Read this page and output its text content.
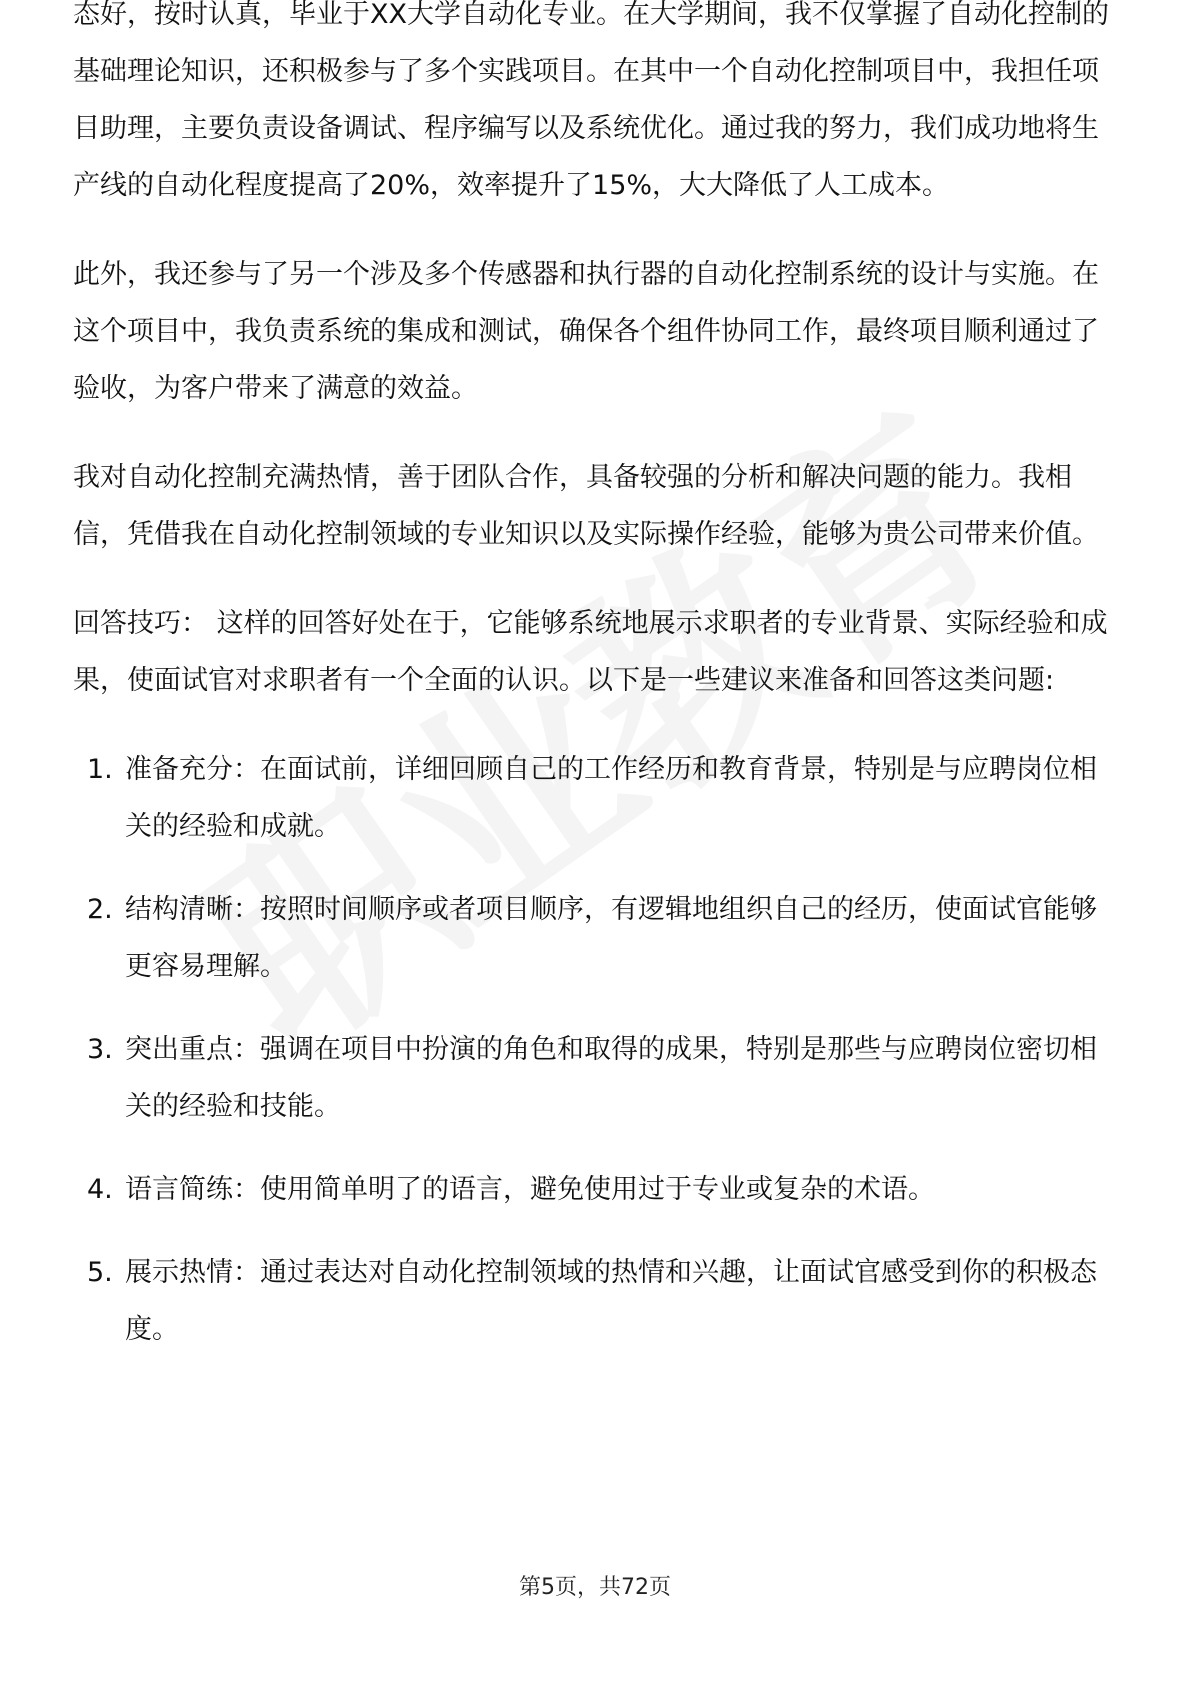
态好，按时认真，毕业于XX大学自动化专业。在大学期间，我不仅掌握了自动化控制的基础理论知识，还积极参与了多个实践项目。在其中一个自动化控制项目中，我担任项目助理，主要负责设备调试、程序编写以及系统优化。通过我的努力，我们成功地将生产线的自动化程度提高了20%，效率提升了15%，大大降低了人工成本。

此外，我还参与了另一个涉及多个传感器和执行器的自动化控制系统的设计与实施。在这个项目中，我负责系统的集成和测试，确保各个组件协同工作，最终项目顺利通过了验收，为客户带来了满意的效益。

我对自动化控制充满热情，善于团队合作，具备较强的分析和解决问题的能力。我相信，凭借我在自动化控制领域的专业知识以及实际操作经验，能够为贵公司带来价值。

回答技巧： 这样的回答好处在于，它能够系统地展示求职者的专业背景、实际经验和成果，使面试官对求职者有一个全面的认识。以下是一些建议来准备和回答这类问题:

1. 准备充分：在面试前，详细回顾自己的工作经历和教育背景，特别是与应聘岗位相关的经验和成就。
2. 结构清晰：按照时间顺序或者项目顺序，有逻辑地组织自己的经历，使面试官能够更容易理解。
3. 突出重点：强调在项目中扮演的角色和取得的成果，特别是那些与应聘岗位密切相关的经验和技能。
4. 语言简练：使用简单明了的语言，避免使用过于专业或复杂的术语。
5. 展示热情：通过表达对自动化控制领域的热情和兴趣，让面试官感受到你的积极态度。
第5页，共72页
